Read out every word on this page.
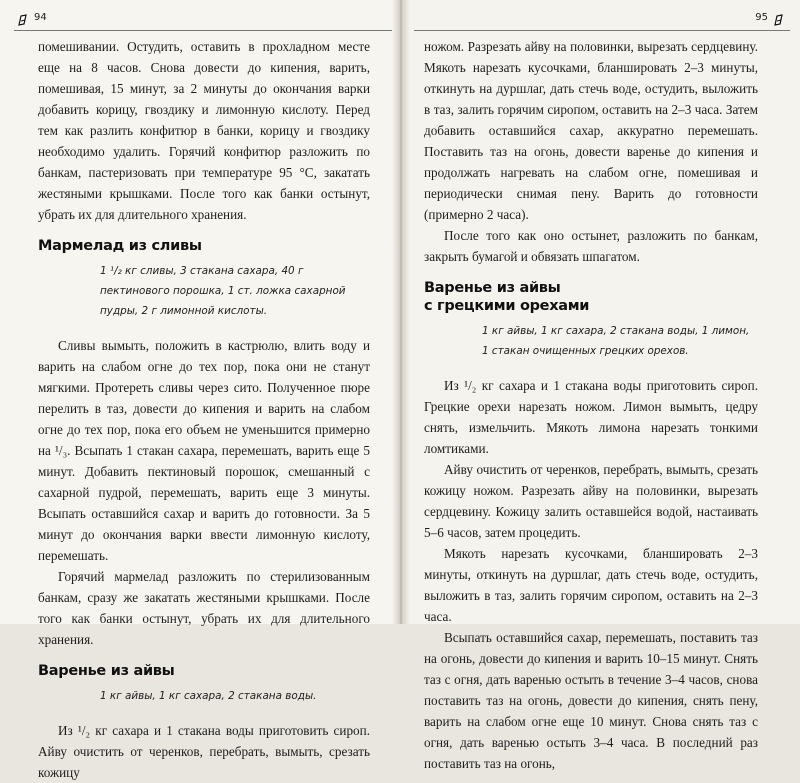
94

помешивании. Остудить, оставить в прохладном месте еще на 8 часов. Снова довести до кипения, варить, помешивая, 15 минут, за 2 минуты до окончания варки добавить корицу, гвоздику и лимонную кислоту. Перед тем как разлить конфитюр в банки, корицу и гвоздику необходимо удалить. Горячий конфитюр разложить по банкам, пастеризовать при температуре 95 °С, закатать жестяными крышками. После того как банки остынут, убрать их для длительного хранения.

Мармелад из сливы
1 ¹/₂ кг сливы, 3 стакана сахара, 40 г пектинового порошка, 1 ст. ложка сахарной пудры, 2 г лимонной кислоты.

Сливы вымыть, положить в кастрюлю, влить воду и варить на слабом огне до тех пор, пока они не станут мягкими. Протереть сливы через сито. Полученное пюре перелить в таз, довести до кипения и варить на слабом огне до тех пор, пока его объем не уменьшится примерно на ¹/₃. Всыпать 1 стакан сахара, перемешать, варить еще 5 минут. Добавить пектиновый порошок, смешанный с сахарной пудрой, перемешать, варить еще 3 минуты. Всыпать оставшийся сахар и варить до готовности. За 5 минут до окончания варки ввести лимонную кислоту, перемешать.

Горячий мармелад разложить по стерилизованным банкам, сразу же закатать жестяными крышками. После того как банки остынут, убрать их для длительного хранения.

Варенье из айвы
1 кг айвы, 1 кг сахара, 2 стакана воды.

Из ¹/₂ кг сахара и 1 стакана воды приготовить сироп. Айву очистить от черенков, перебрать, вымыть, срезать кожицу

95

ножом. Разрезать айву на половинки, вырезать сердцевину. Мякоть нарезать кусочками, бланшировать 2–3 минуты, откинуть на дуршлаг, дать стечь воде, остудить, выложить в таз, залить горячим сиропом, оставить на 2–3 часа. Затем добавить оставшийся сахар, аккуратно перемешать. Поставить таз на огонь, довести варенье до кипения и продолжать нагревать на слабом огне, помешивая и периодически снимая пену. Варить до готовности (примерно 2 часа).

После того как оно остынет, разложить по банкам, закрыть бумагой и обвязать шпагатом.

Варенье из айвы
с грецкими орехами
1 кг айвы, 1 кг сахара, 2 стакана воды, 1 лимон, 1 стакан очищенных грецких орехов.

Из ¹/₂ кг сахара и 1 стакана воды приготовить сироп. Грецкие орехи нарезать ножом. Лимон вымыть, цедру снять, измельчить. Мякоть лимона нарезать тонкими ломтиками.

Айву очистить от черенков, перебрать, вымыть, срезать кожицу ножом. Разрезать айву на половинки, вырезать сердцевину. Кожицу залить оставшейся водой, настаивать 5–6 часов, затем процедить.

Мякоть нарезать кусочками, бланшировать 2–3 минуты, откинуть на дуршлаг, дать стечь воде, остудить, выложить в таз, залить горячим сиропом, оставить на 2–3 часа.

Всыпать оставшийся сахар, перемешать, поставить таз на огонь, довести до кипения и варить 10–15 минут. Снять таз с огня, дать варенью остыть в течение 3–4 часов, снова поставить таз на огонь, довести до кипения, снять пену, варить на слабом огне еще 10 минут. Снова снять таз с огня, дать варенью остыть 3–4 часа. В последний раз поставить таз на огонь,
